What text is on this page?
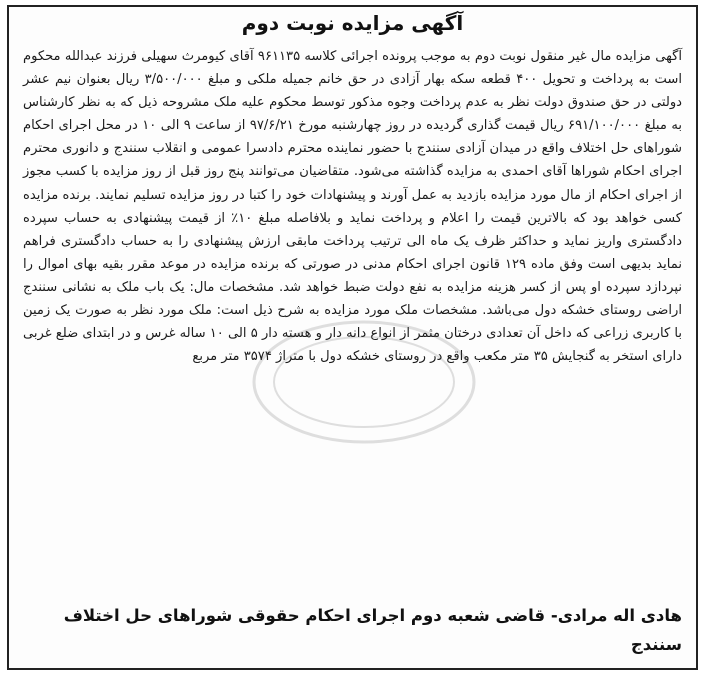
آگهی مزایده نوبت دوم
آگهی مزایده مال غیر منقول نوبت دوم به موجب پرونده اجرائی کلاسه ۹۶۱۱۳۵ آقای کیومرث سهیلی فرزند عبدالله محکوم است به پرداخت و تحویل ۴۰۰ قطعه سکه بهار آزادی در حق خانم جمیله ملکی و مبلغ ۳/۵۰۰/۰۰۰ ریال بعنوان نیم عشر دولتی در حق صندوق دولت نظر به عدم پرداخت وجوه مذکور توسط محکوم علیه ملک مشروحه ذیل که به نظر کارشناس به مبلغ ۶۹۱/۱۰۰/۰۰۰ ریال قیمت گذاری گردیده در روز چهارشنبه مورخ ۹۷/۶/۲۱ از ساعت ۹ الی ۱۰ در محل اجرای احکام شوراهای حل اختلاف واقع در میدان آزادی سنندج با حضور نماینده محترم دادسرا عمومی و انقلاب سنندج و دانوری محترم اجرای احکام شوراها آقای احمدی به مزایده گذاشته می‌شود. متقاضیان می‌توانند پنج روز قبل از روز مزایده با کسب مجوز از اجرای احکام از مال مورد مزایده بازدید به عمل آورند و پیشنهادات خود را کتبا در روز مزایده تسلیم نمایند. برنده مزایده کسی خواهد بود که بالاترین قیمت را اعلام و پرداخت نماید و بلافاصله مبلغ ۱۰٪ از قیمت پیشنهادی به حساب سپرده دادگستری واریز نماید و حداکثر ظرف یک ماه الی ترتیب پرداخت مابقی ارزش پیشنهادی را به حساب دادگستری فراهم نماید بدیهی است وفق ماده ۱۲۹ قانون اجرای احکام مدنی در صورتی که برنده مزایده در موعد مقرر بقیه بهای اموال را نپردازد سپرده او پس از کسر هزینه مزایده به نفع دولت ضبط خواهد شد. مشخصات مال: یک باب ملک به نشانی سنندج اراضی روستای خشکه دول می‌باشد. مشخصات ملک مورد مزایده به شرح ذیل است: ملک مورد نظر به صورت یک زمین با کاربری زراعی که داخل آن تعدادی درختان مثمر از انواع دانه دار و هسته دار ۵ الی ۱۰ ساله غرس و در ابتدای ضلع غربی دارای استخر به گنجایش ۳۵ متر مکعب واقع در روستای خشکه دول با متراژ ۳۵۷۴ متر مربع
هادی اله مرادی- قاضی شعبه دوم اجرای احکام حقوقی شوراهای حل اختلاف سنندج
